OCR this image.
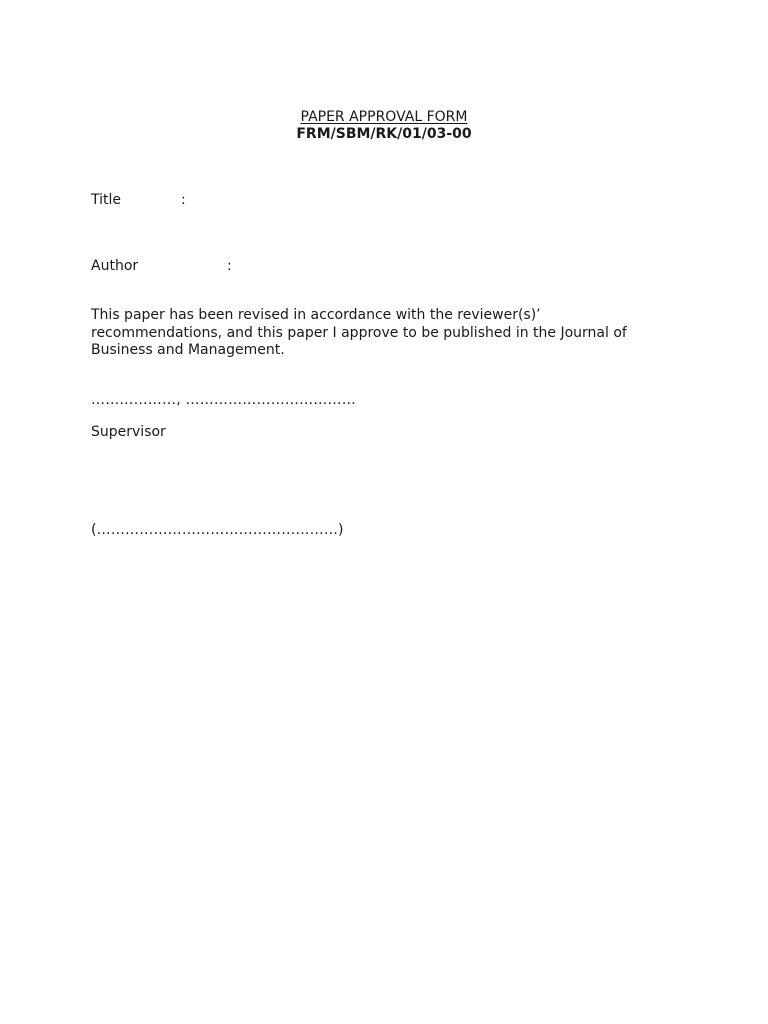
PAPER APPROVAL FORM
FRM/SBM/RK/01/03-00
Title	:
Author	:

This paper has been revised in accordance with the reviewer(s)’ recommendations, and this paper I approve to be published in the Journal of Business and Management.

………………, ………………………………
Supervisor
(……………………………………………)
